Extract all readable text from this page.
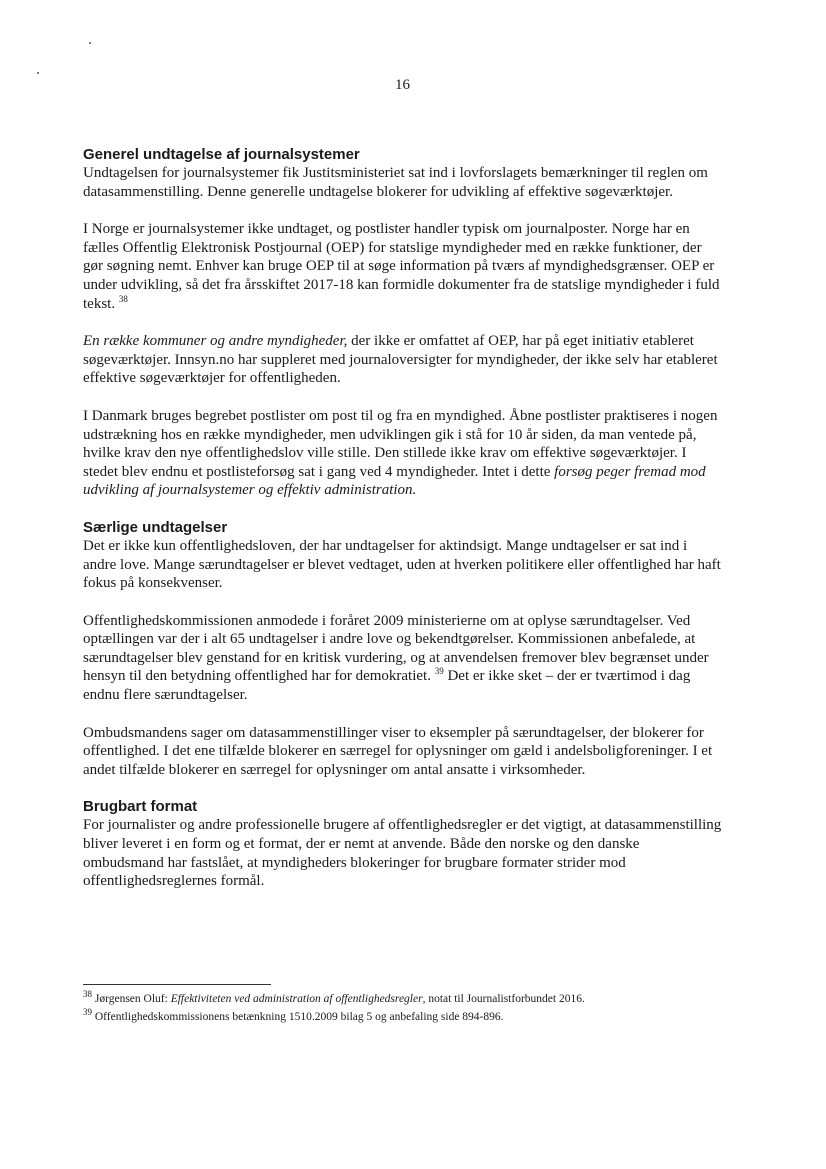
16
Generel undtagelse af journalsystemer

Undtagelsen for journalsystemer fik Justitsministeriet sat ind i lovforslagets bemærkninger til reglen om datasammenstilling. Denne generelle undtagelse blokerer for udvikling af effektive søgeværktøjer.

I Norge er journalsystemer ikke undtaget, og postlister handler typisk om journalposter. Norge har en fælles Offentlig Elektronisk Postjournal (OEP) for statslige myndigheder med en række funktioner, der gør søgning nemt. Enhver kan bruge OEP til at søge information på tværs af myndighedsgrænser. OEP er under udvikling, så det fra årsskiftet 2017-18 kan formidle dokumenter fra de statslige myndigheder i fuld tekst. $^{38}$

En række kommuner og andre myndigheder, der ikke er omfattet af OEP, har på eget initiativ etableret søgeværktøjer. Innsyn.no har suppleret med journaloversigter for myndigheder, der ikke selv har etableret effektive søgeværktøjer for offentligheden.

I Danmark bruges begrebet postlister om post til og fra en myndighed. Åbne postlister praktiseres i nogen udstrækning hos en række myndigheder, men udviklingen gik i stå for 10 år siden, da man ventede på, hvilke krav den nye offentlighedslov ville stille. Den stillede ikke krav om effektive søgeværktøjer. I stedet blev endnu et postlisteforsøg sat i gang ved 4 myndigheder. Intet i dette forsøg peger fremad mod udvikling af journalsystemer og effektiv administration.

Særlige undtagelser

Det er ikke kun offentlighedsloven, der har undtagelser for aktindsigt. Mange undtagelser er sat ind i andre love. Mange særundtagelser er blevet vedtaget, uden at hverken politikere eller offentlighed har haft fokus på konsekvenser.

Offentlighedskommissionen anmodede i foråret 2009 ministerierne om at oplyse særundtagelser. Ved optællingen var der i alt 65 undtagelser i andre love og bekendtgørelser. Kommissionen anbefalede, at særundtagelser blev genstand for en kritisk vurdering, og at anvendelsen fremover blev begrænset under hensyn til den betydning offentlighed har for demokratiet. $^{39}$ Det er ikke sket – der er tværtimod i dag endnu flere særundtagelser.

Ombudsmandens sager om datasammenstillinger viser to eksempler på særundtagelser, der blokerer for offentlighed. I det ene tilfælde blokerer en særregel for oplysninger om gæld i andelsboligforeninger. I et andet tilfælde blokerer en særregel for oplysninger om antal ansatte i virksomheder.

Brugbart format

For journalister og andre professionelle brugere af offentlighedsregler er det vigtigt, at datasammenstilling bliver leveret i en form og et format, der er nemt at anvende. Både den norske og den danske ombudsmand har fastslået, at myndigheders blokeringer for brugbare formater strider mod offentlighedsreglernes formål.

$^{38}$ Jørgensen Oluf: Effektiviteten ved administration af offentlighedsregler, notat til Journalistforbundet 2016.
$^{39}$ Offentlighedskommissionens betænkning 1510.2009 bilag 5 og anbefaling side 894-896.
